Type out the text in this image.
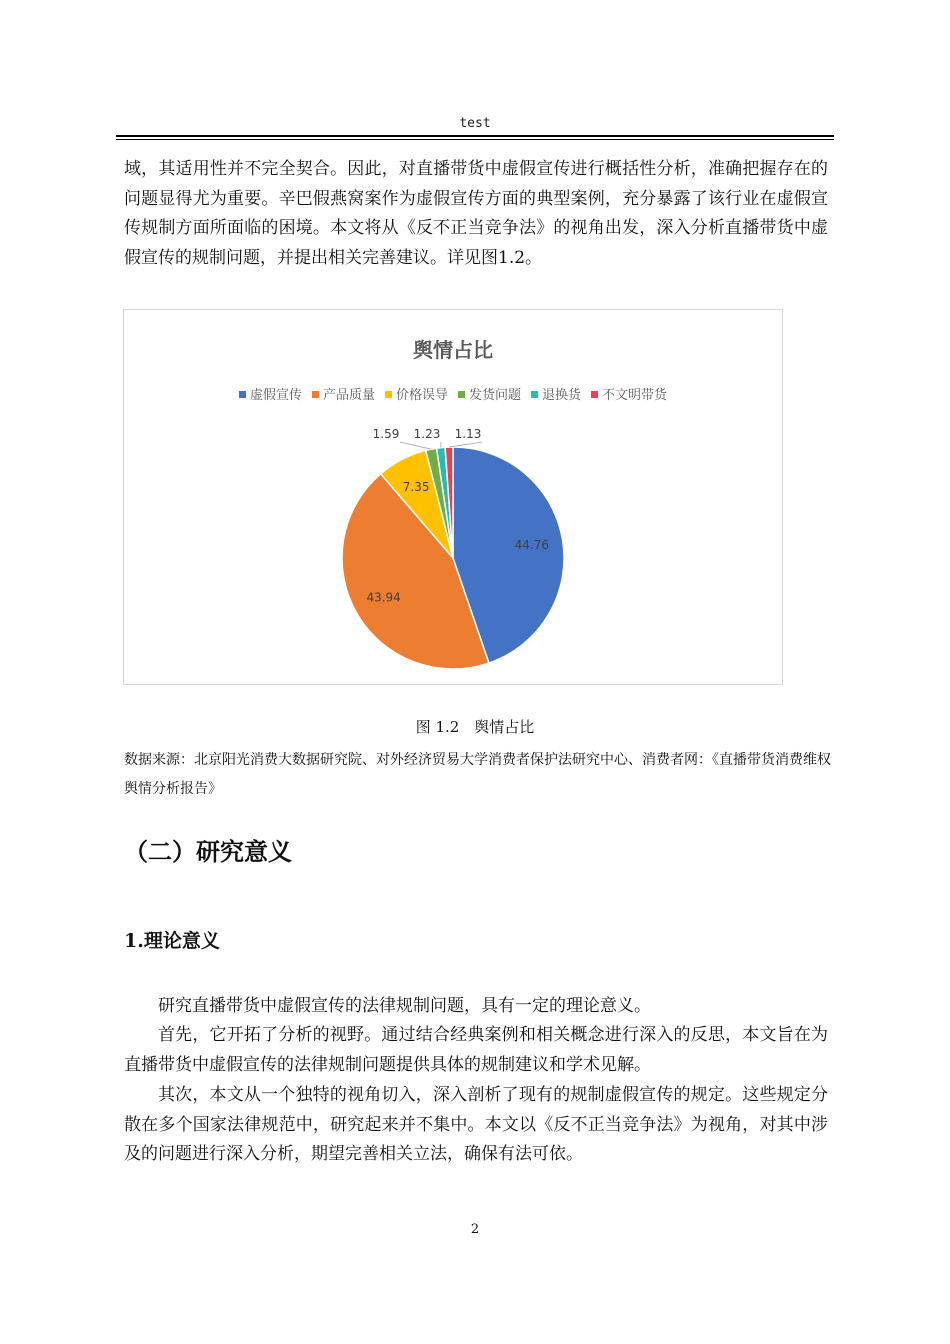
test

域，其适用性并不完全契合。因此，对直播带货中虚假宣传进行概括性分析，准确把握存在的问题显得尤为重要。辛巴假燕窝案作为虚假宣传方面的典型案例，充分暴露了该行业在虚假宣传规制方面所面临的困境。本文将从《反不正当竞争法》的视角出发，深入分析直播带货中虚假宣传的规制问题，并提出相关完善建议。详见图1.2。

舆情占比
虚假宣传 产品质量 价格误导 发货问题 退换货 不文明带货
44.76
43.94
7.35
1.59 1.23 1.13
图 1.2　舆情占比

数据来源：北京阳光消费大数据研究院、对外经济贸易大学消费者保护法研究中心、消费者网：《直播带货消费维权舆情分析报告》

（二）研究意义
1.理论意义

研究直播带货中虚假宣传的法律规制问题，具有一定的理论意义。

首先，它开拓了分析的视野。通过结合经典案例和相关概念进行深入的反思，本文旨在为直播带货中虚假宣传的法律规制问题提供具体的规制建议和学术见解。

其次，本文从一个独特的视角切入，深入剖析了现有的规制虚假宣传的规定。这些规定分散在多个国家法律规范中，研究起来并不集中。本文以《反不正当竞争法》为视角，对其中涉及的问题进行深入分析，期望完善相关立法，确保有法可依。

2
